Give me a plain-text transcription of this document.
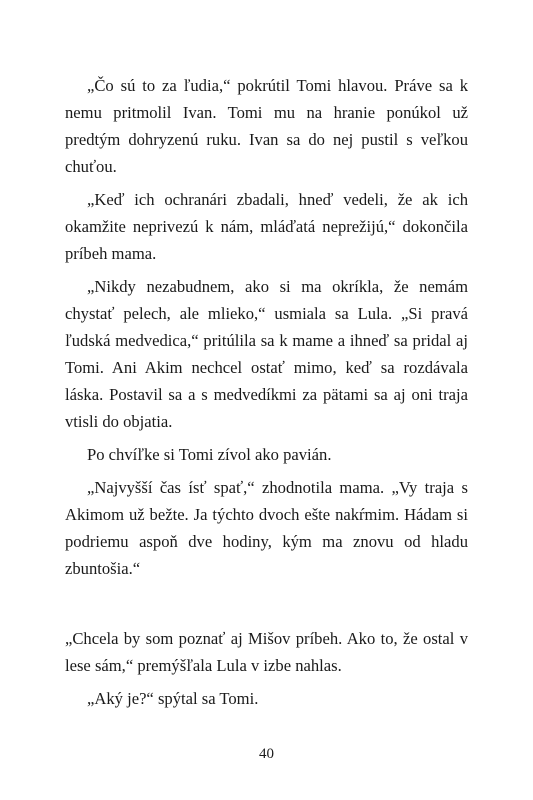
„Čo sú to za ľudia,“ pokrútil Tomi hlavou. Práve sa k nemu pritmolil Ivan. Tomi mu na hranie ponúkol už predtým dohryzenú ruku. Ivan sa do nej pustil s veľkou chuťou.

„Keď ich ochranári zbadali, hneď vedeli, že ak ich okamžite neprivezú k nám, mláďatá neprežijú,“ dokončila príbeh mama.

„Nikdy nezabudnem, ako si ma okríkla, že nemám chystať pelech, ale mlieko,“ usmiala sa Lula. „Si pravá ľudská medvedica,“ pritúlila sa k mame a ihneď sa pridal aj Tomi. Ani Akim nechcel ostať mimo, keď sa rozdávala láska. Postavil sa a s medvedíkmi za pätami sa aj oni traja vtisli do objatia.

Po chvíľke si Tomi zívol ako pavián.

„Najvyšší čas ísť spať,“ zhodnotila mama. „Vy traja s Akimom už bežte. Ja týchto dvoch ešte nakŕmim. Hádam si podriemu aspoň dve hodiny, kým ma znovu od hladu zbuntošia.“

„Chcela by som poznať aj Mišov príbeh. Ako to, že ostal v lese sám,“ premýšľala Lula v izbe nahlas.

„Aký je?“ spýtal sa Tomi.

40
